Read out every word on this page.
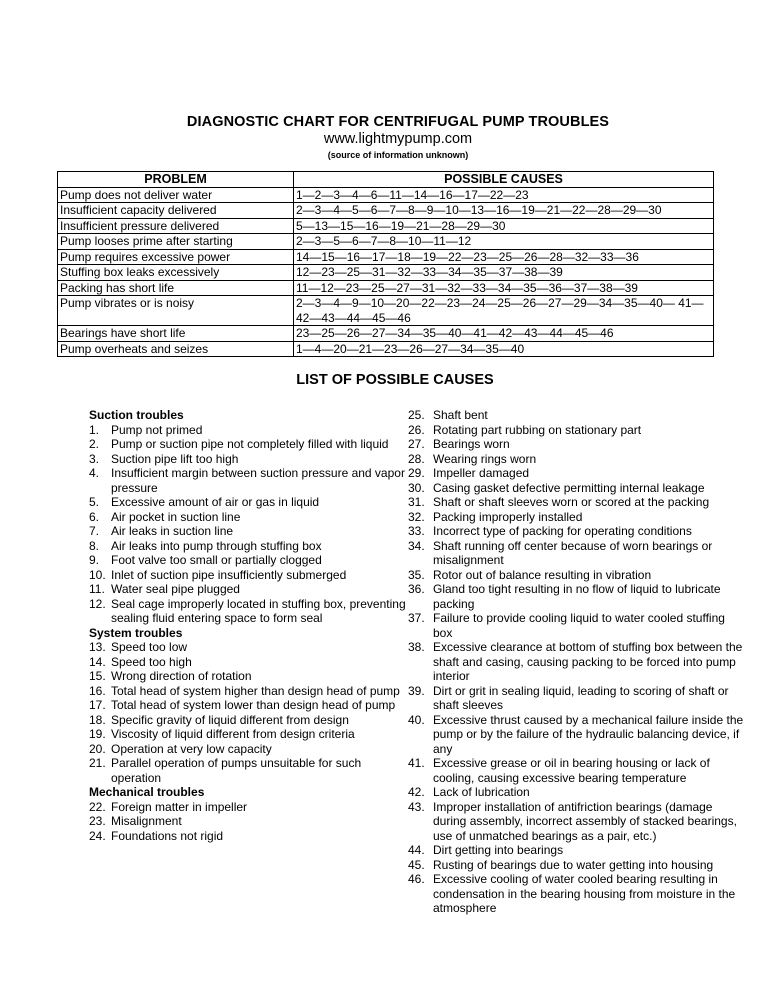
DIAGNOSTIC CHART FOR CENTRIFUGAL PUMP TROUBLES
www.lightmypump.com
(source of information unknown)
PROBLEM	POSSIBLE CAUSES
Pump does not deliver water	1—2—3—4—6—11—14—16—17—22—23
Insufficient capacity delivered	2—3—4—5—6—7—8—9—10—13—16—19—21—22—28—29—30
Insufficient pressure delivered	5—13—15—16—19—21—28—29—30
Pump looses prime after starting	2—3—5—6—7—8—10—11—12
Pump requires excessive power	14—15—16—17—18—19—22—23—25—26—28—32—33—36
Stuffing box leaks excessively	12—23—25—31—32—33—34—35—37—38—39
Packing has short life	11—12—23—25—27—31—32—33—34—35—36—37—38—39
Pump vibrates or is noisy	2—3—4—9—10—20—22—23—24—25—26—27—29—34—35—40— 41—42—43—44—45—46
Bearings have short life	23—25—26—27—34—35—40—41—42—43—44—45—46
Pump overheats and seizes	1—4—20—21—23—26—27—34—35—40
LIST OF POSSIBLE CAUSES
Suction troubles
1. Pump not primed
2. Pump or suction pipe not completely filled with liquid
3. Suction pipe lift too high
4. Insufficient margin between suction pressure and vapor pressure
5. Excessive amount of air or gas in liquid
6. Air pocket in suction line
7. Air leaks in suction line
8. Air leaks into pump through stuffing box
9. Foot valve too small or partially clogged
10. Inlet of suction pipe insufficiently submerged
11. Water seal pipe plugged
12. Seal cage improperly located in stuffing box, preventing sealing fluid entering space to form seal
System troubles
13. Speed too low
14. Speed too high
15. Wrong direction of rotation
16. Total head of system higher than design head of pump
17. Total head of system lower than design head of pump
18. Specific gravity of liquid different from design
19. Viscosity of liquid different from design criteria
20. Operation at very low capacity
21. Parallel operation of pumps unsuitable for such operation
Mechanical troubles
22. Foreign matter in impeller
23. Misalignment
24. Foundations not rigid
25. Shaft bent
26. Rotating part rubbing on stationary part
27. Bearings worn
28. Wearing rings worn
29. Impeller damaged
30. Casing gasket defective permitting internal leakage
31. Shaft or shaft sleeves worn or scored at the packing
32. Packing improperly installed
33. Incorrect type of packing for operating conditions
34. Shaft running off center because of worn bearings or misalignment
35. Rotor out of balance resulting in vibration
36. Gland too tight resulting in no flow of liquid to lubricate packing
37. Failure to provide cooling liquid to water cooled stuffing box
38. Excessive clearance at bottom of stuffing box between the shaft and casing, causing packing to be forced into pump interior
39. Dirt or grit in sealing liquid, leading to scoring of shaft or shaft sleeves
40. Excessive thrust caused by a mechanical failure inside the pump or by the failure of the hydraulic balancing device, if any
41. Excessive grease or oil in bearing housing or lack of cooling, causing excessive bearing temperature
42. Lack of lubrication
43. Improper installation of antifriction bearings (damage during assembly, incorrect assembly of stacked bearings, use of unmatched bearings as a pair, etc.)
44. Dirt getting into bearings
45. Rusting of bearings due to water getting into housing
46. Excessive cooling of water cooled bearing resulting in condensation in the bearing housing from moisture in the atmosphere
